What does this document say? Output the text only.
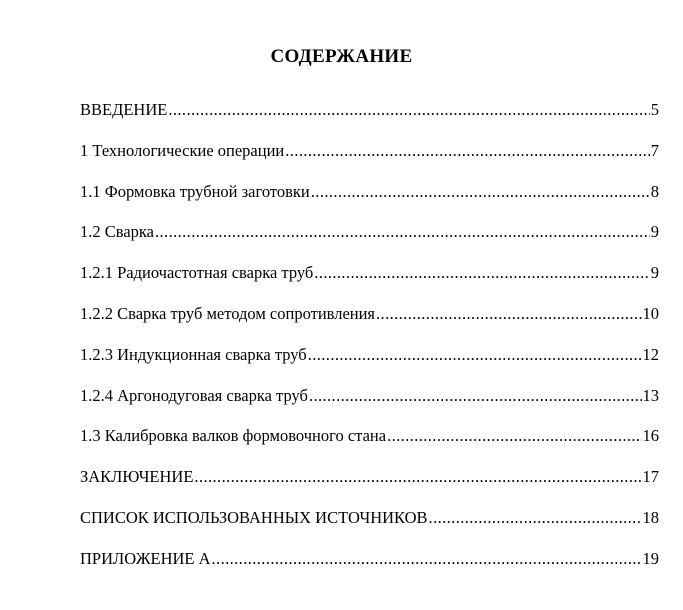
СОДЕРЖАНИЕ
ВВЕДЕНИЕ .....	5
1 Технологические операции .....	7
1.1 Формовка трубной заготовки .....	8
1.2 Сварка .....	9
1.2.1 Радиочастотная сварка труб .....	9
1.2.2 Сварка труб методом сопротивления .....	10
1.2.3 Индукционная сварка труб .....	12
1.2.4 Аргонодуговая сварка труб .....	13
1.3 Калибровка валков формовочного стана .....	16
ЗАКЛЮЧЕНИЕ .....	17
СПИСОК ИСПОЛЬЗОВАННЫХ ИСТОЧНИКОВ .....	18
ПРИЛОЖЕНИЕ А .....	19
